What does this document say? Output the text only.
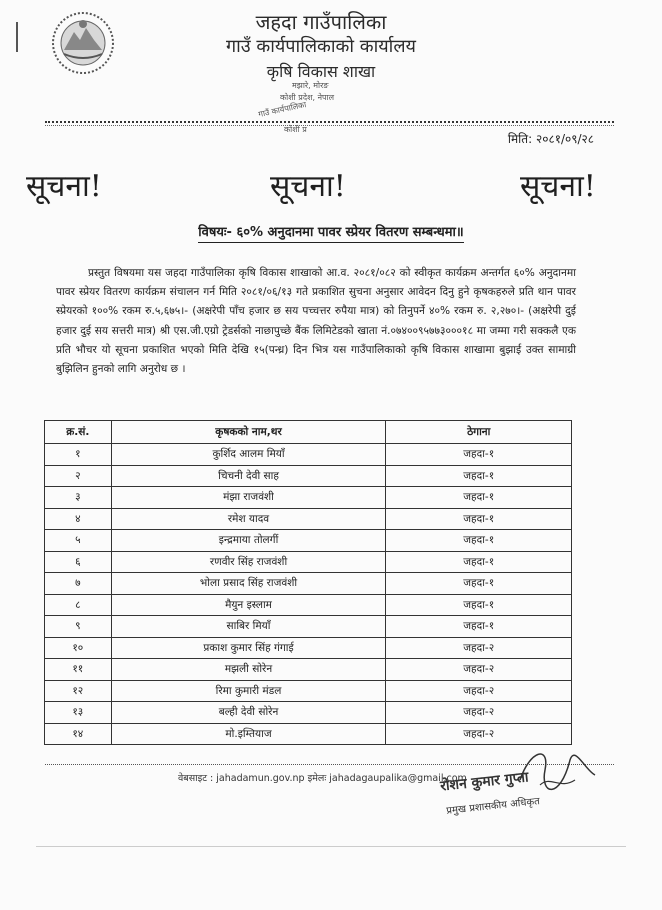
जहदा गाउँपालिका
गाउँ कार्यपालिकाको कार्यालय
कृषि विकास शाखा
मझारे, मोरङ
कोशी प्रदेश, नेपाल
गाउँ कार्यपालिका
कोशी प्र
मिति: २०८१/०९/२८
सूचना!	सूचना!	सूचना!
विषयः- ६०% अनुदानमा पावर स्प्रेयर वितरण सम्बन्धमा॥
प्रस्तुत विषयमा यस जहदा गाउँपालिका कृषि विकास शाखाको आ.व. २०८१/०८२ को स्वीकृत कार्यक्रम अन्तर्गत ६०% अनुदानमा पावर स्प्रेयर वितरण कार्यक्रम संचालन गर्न मिति २०८१/०६/१३ गते प्रकाशित सुचना अनुसार आवेदन दिनु हुने कृषकहरुले प्रति थान पावर स्प्रेयरको १००% रकम रु.५,६७५।- (अक्षरेपी पाँच हजार छ सय पच्चत्तर रुपैया मात्र) को तिनुपर्ने ४०% रकम रु. २,२७०।- (अक्षरेपी दुई हजार दुई सय सत्तरी मात्र) श्री एस.जी.एग्रो ट्रेडर्सको नाछापुच्छे बैंक लिमिटेडको खाता नं.०७४००९५७७३०००१८ मा जम्मा गरी सक्कलै एक प्रति भौचर यो सूचना प्रकाशित भएको मिति देखि १५(पन्ध्र) दिन भित्र यस गाउँपालिकाको कृषि विकास शाखामा बुझाई उक्त सामाग्री बुझिलिन हुनको लागि अनुरोध छ ।
क्र.सं.	कृषकको नाम,थर	ठेगाना
१	कुर्शिद आलम मियाँ	जहदा-१
२	चिचनी देवी साह	जहदा-१
३	मंझा राजवंशी	जहदा-१
४	रमेश यादव	जहदा-१
५	इन्द्रमाया तोलगीं	जहदा-१
६	रणवीर सिंह राजवंशी	जहदा-१
७	भोला प्रसाद सिंह राजवंशी	जहदा-१
८	मैयुन इस्लाम	जहदा-१
९	साबिर मियाँ	जहदा-१
१०	प्रकाश कुमार सिंह गंगाई	जहदा-२
११	मझली सोरेन	जहदा-२
१२	रिमा कुमारी मंडल	जहदा-२
१३	बल्ही देवी सोरेन	जहदा-२
१४	मो.इम्तियाज	जहदा-२
वेबसाइट : jahadamun.gov.np इमेलः jahadagaupalika@gmail.com
रोशन कुमार गुप्ता
प्रमुख प्रशासकीय अधिकृत
